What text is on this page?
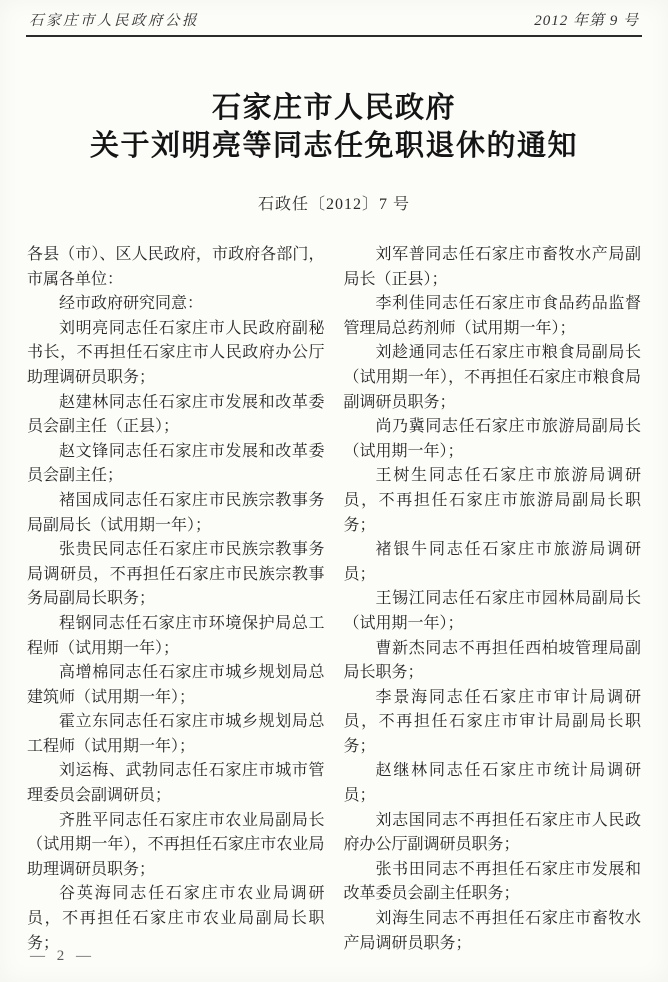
石家庄市人民政府公报	2012 年第 9 号
石家庄市人民政府
关于刘明亮等同志任免职退休的通知
石政任〔2012〕7 号

各县（市）、区人民政府，市政府各部门，市属各单位：

经市政府研究同意：

刘明亮同志任石家庄市人民政府副秘书长，不再担任石家庄市人民政府办公厅助理调研员职务；

赵建林同志任石家庄市发展和改革委员会副主任（正县）；

赵文锋同志任石家庄市发展和改革委员会副主任；

褚国成同志任石家庄市民族宗教事务局副局长（试用期一年）；

张贵民同志任石家庄市民族宗教事务局调研员，不再担任石家庄市民族宗教事务局副局长职务；

程钢同志任石家庄市环境保护局总工程师（试用期一年）；

高增棉同志任石家庄市城乡规划局总建筑师（试用期一年）；

霍立东同志任石家庄市城乡规划局总工程师（试用期一年）；

刘运梅、武勃同志任石家庄市城市管理委员会副调研员；

齐胜平同志任石家庄市农业局副局长（试用期一年），不再担任石家庄市农业局助理调研员职务；

谷英海同志任石家庄市农业局调研员，不再担任石家庄市农业局副局长职务；

刘军普同志任石家庄市畜牧水产局副局长（正县）；

李利佳同志任石家庄市食品药品监督管理局总药剂师（试用期一年）；

刘趁通同志任石家庄市粮食局副局长（试用期一年），不再担任石家庄市粮食局副调研员职务；

尚乃冀同志任石家庄市旅游局副局长（试用期一年）；

王树生同志任石家庄市旅游局调研员，不再担任石家庄市旅游局副局长职务；

褚银牛同志任石家庄市旅游局调研员；

王锡江同志任石家庄市园林局副局长（试用期一年）；

曹新杰同志不再担任西柏坡管理局副局长职务；

李景海同志任石家庄市审计局调研员，不再担任石家庄市审计局副局长职务；

赵继林同志任石家庄市统计局调研员；

刘志国同志不再担任石家庄市人民政府办公厅副调研员职务；

张书田同志不再担任石家庄市发展和改革委员会副主任职务；

刘海生同志不再担任石家庄市畜牧水产局调研员职务；

— 2 —
